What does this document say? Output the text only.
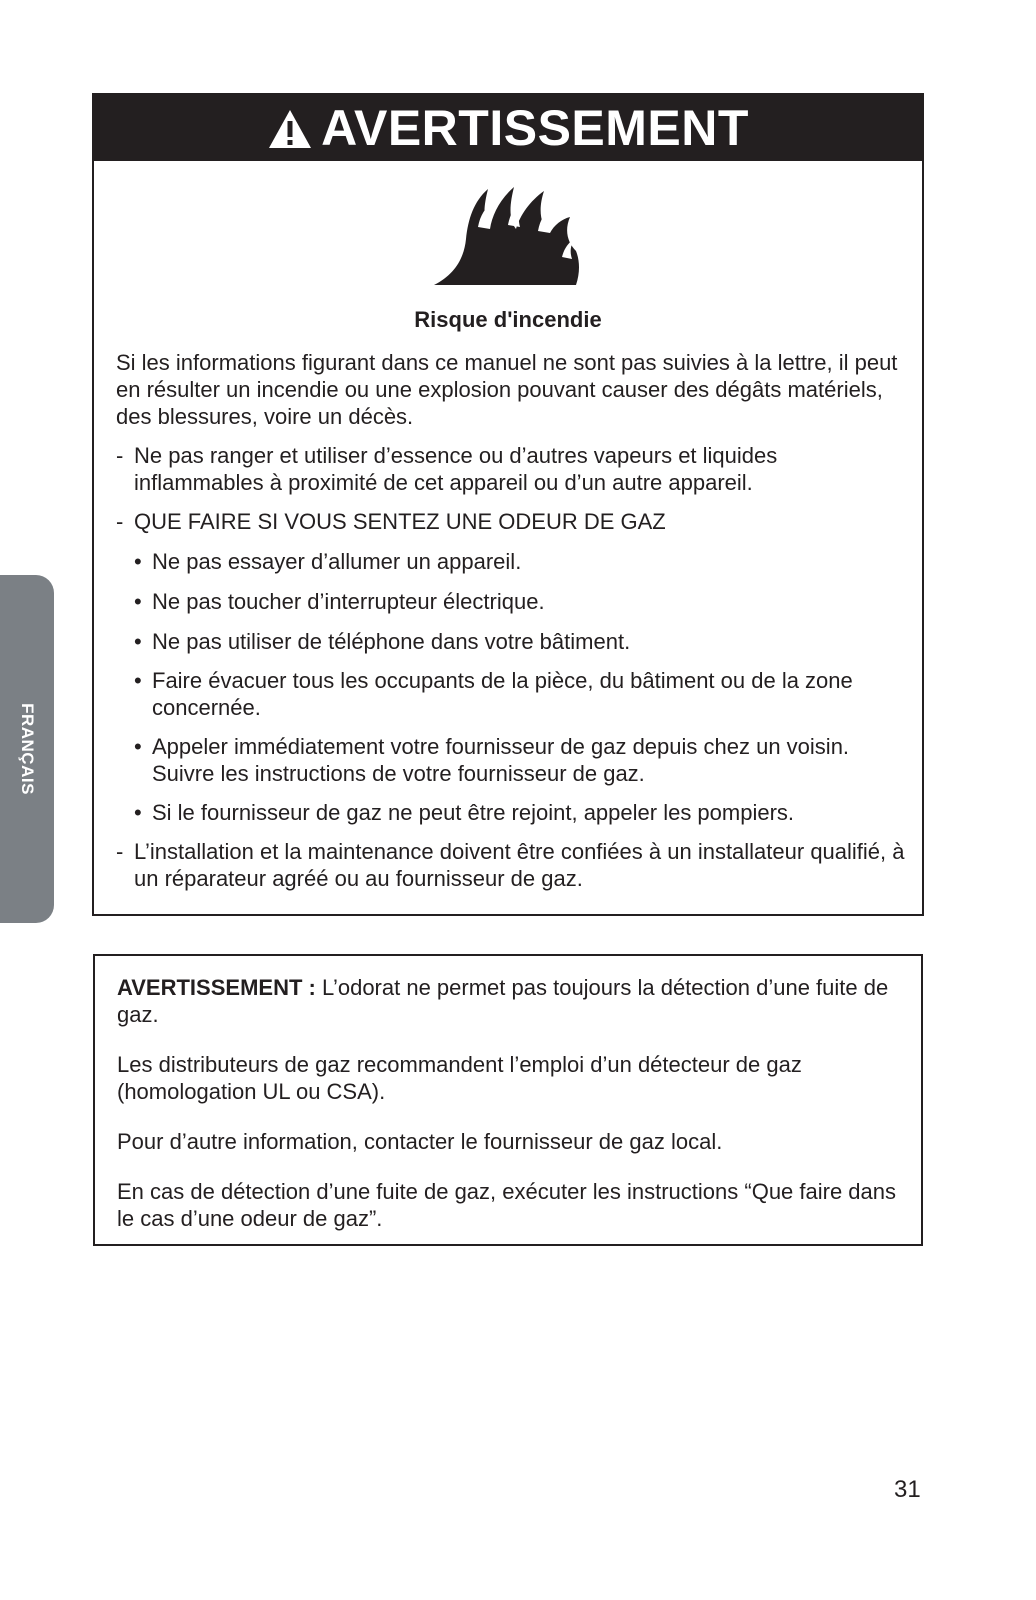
AVERTISSEMENT
Risque d'incendie

Si les informations figurant dans ce manuel ne sont pas suivies à la lettre, il peut en résulter un incendie ou une explosion pouvant causer des dégâts matériels, des blessures, voire un décès.

- Ne pas ranger et utiliser d’essence ou d’autres vapeurs et liquides inflammables à proximité de cet appareil ou d’un autre appareil.
- QUE FAIRE SI VOUS SENTEZ UNE ODEUR DE GAZ
• Ne pas essayer d’allumer un appareil.
• Ne pas toucher d’interrupteur électrique.
• Ne pas utiliser de téléphone dans votre bâtiment.
• Faire évacuer tous les occupants de la pièce, du bâtiment ou de la zone concernée.
• Appeler immédiatement votre fournisseur de gaz depuis chez un voisin. Suivre les instructions de votre fournisseur de gaz.
• Si le fournisseur de gaz ne peut être rejoint, appeler les pompiers.
- L’installation et la maintenance doivent être confiées à un installateur qualifié, à un réparateur agréé ou au fournisseur de gaz.
FRANÇAIS

AVERTISSEMENT : L’odorat ne permet pas toujours la détection d’une fuite de gaz.

Les distributeurs de gaz recommandent l’emploi d’un détecteur de gaz (homologation UL ou CSA).

Pour d’autre information, contacter le fournisseur de gaz local.

En cas de détection d’une fuite de gaz, exécuter les instructions “Que faire dans le cas d’une odeur de gaz”.

31
